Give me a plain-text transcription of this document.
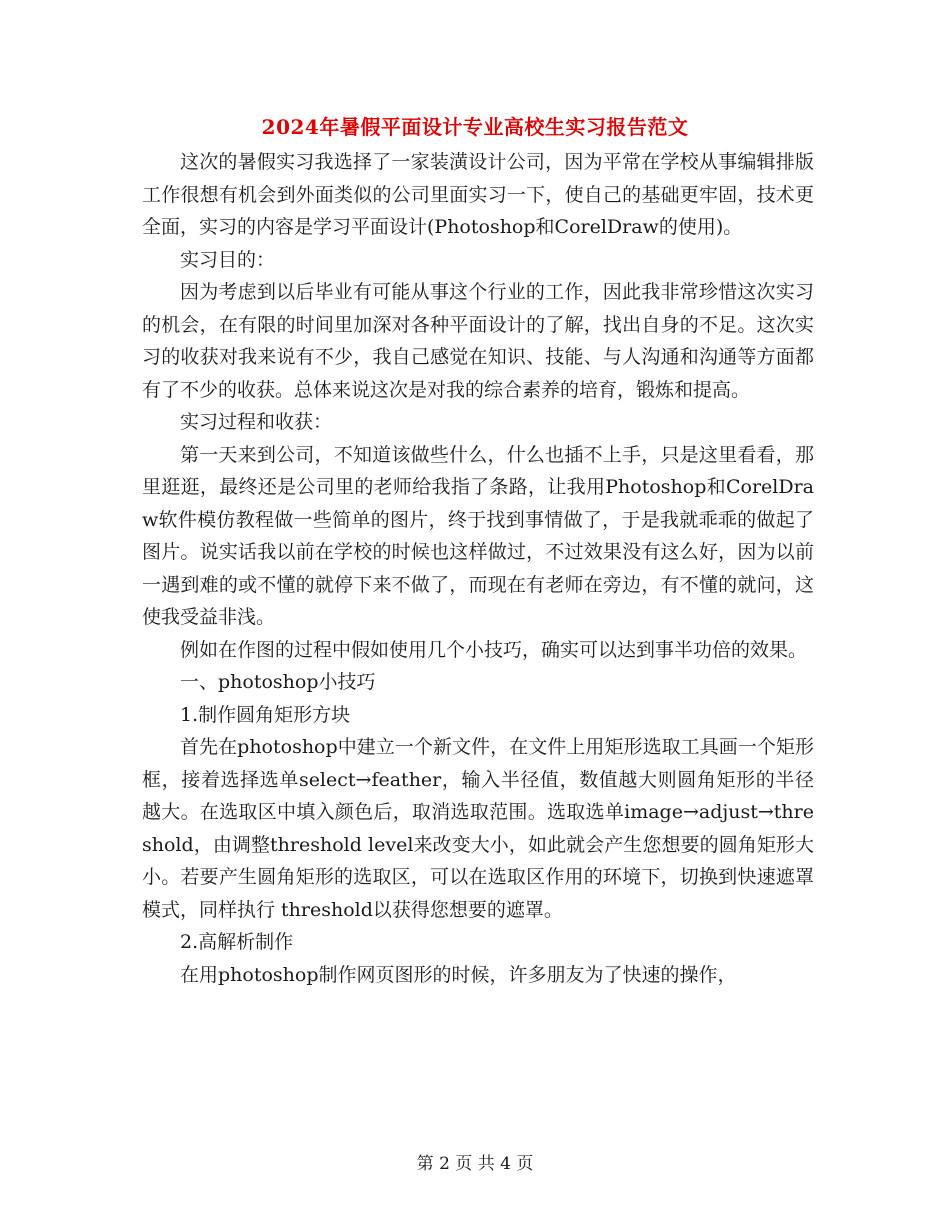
2024年暑假平面设计专业高校生实习报告范文

这次的暑假实习我选择了一家装潢设计公司，因为平常在学校从事编辑排版工作很想有机会到外面类似的公司里面实习一下，使自己的基础更牢固，技术更全面，实习的内容是学习平面设计(Photoshop和CorelDraw的使用)。

实习目的：

因为考虑到以后毕业有可能从事这个行业的工作，因此我非常珍惜这次实习的机会，在有限的时间里加深对各种平面设计的了解，找出自身的不足。这次实习的收获对我来说有不少，我自己感觉在知识、技能、与人沟通和沟通等方面都有了不少的收获。总体来说这次是对我的综合素养的培育，锻炼和提高。

实习过程和收获：

第一天来到公司，不知道该做些什么，什么也插不上手，只是这里看看，那里逛逛，最终还是公司里的老师给我指了条路，让我用Photoshop和CorelDraw软件模仿教程做一些简单的图片，终于找到事情做了，于是我就乖乖的做起了图片。说实话我以前在学校的时候也这样做过，不过效果没有这么好，因为以前一遇到难的或不懂的就停下来不做了，而现在有老师在旁边，有不懂的就问，这使我受益非浅。

例如在作图的过程中假如使用几个小技巧，确实可以达到事半功倍的效果。

一、photoshop小技巧

1.制作圆角矩形方块

首先在photoshop中建立一个新文件，在文件上用矩形选取工具画一个矩形框，接着选择选单select→feather，输入半径值，数值越大则圆角矩形的半径越大。在选取区中填入颜色后，取消选取范围。选取选单image→adjust→threshold，由调整threshold level来改变大小，如此就会产生您想要的圆角矩形大小。若要产生圆角矩形的选取区，可以在选取区作用的环境下，切换到快速遮罩模式，同样执行 threshold以获得您想要的遮罩。

2.高解析制作

在用photoshop制作网页图形的时候，许多朋友为了快速的操作，

第 2 页 共 4 页
